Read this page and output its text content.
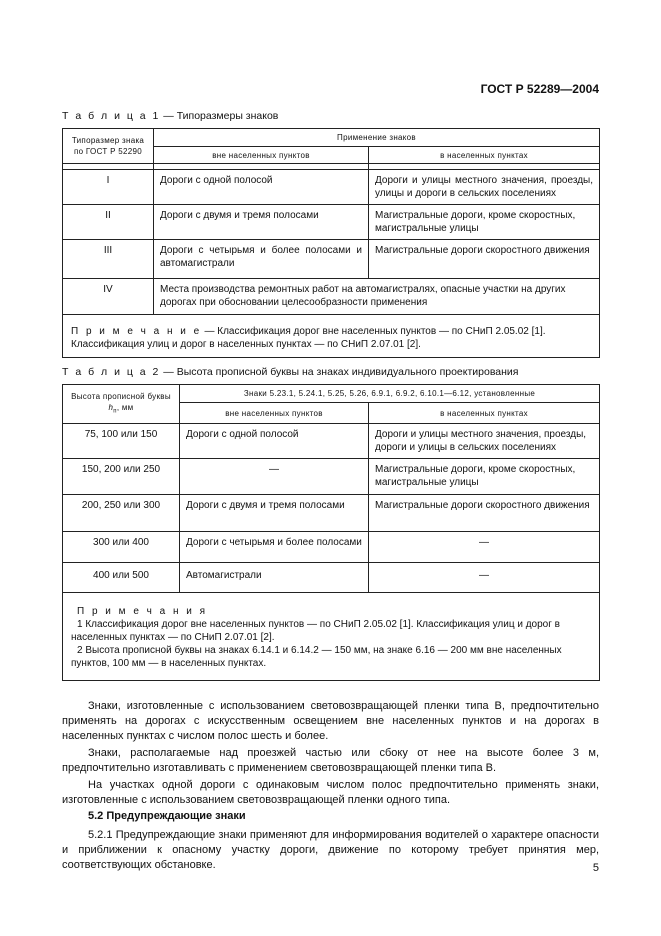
ГОСТ Р 52289—2004
Т а б л и ц а 1 — Типоразмеры знаков
Типоразмер знака по ГОСТ Р 52290	Применение знаков	
	вне населенных пунктов	в населенных пунктах

I	Дороги с одной полосой	Дороги и улицы местного значения, проезды, улицы и дороги в сельских поселениях
II	Дороги с двумя и тремя полосами	Магистральные дороги, кроме скоростных, магистральные улицы
III	Дороги с четырьмя и более полосами и автомагистрали	Магистральные дороги скоростного движения
IV	Места производства ремонтных работ на автомагистралях, опасные участки на других дорогах при обосновании целесообразности применения	
П р и м е ч а н и е — Классификация дорог вне населенных пунктов — по СНиП 2.05.02 [1]. Классификация улиц и дорог в населенных пунктах — по СНиП 2.07.01 [2].		
Т а б л и ц а 2 — Высота прописной буквы на знаках индивидуального проектирования
Высота прописной буквы $h_п$, мм	Знаки 5.23.1, 5.24.1, 5.25, 5.26, 6.9.1, 6.9.2, 6.10.1—6.12, установленные	
	вне населенных пунктов	в населенных пунктах
75, 100 или 150	Дороги с одной полосой	Дороги и улицы местного значения, проезды, дороги и улицы в сельских поселениях
150, 200 или 250	—	Магистральные дороги, кроме скоростных, магистральные улицы
200, 250 или 300	Дороги с двумя и тремя полосами	Магистральные дороги скоростного движения
300 или 400	Дороги с четырьмя и более полосами	—
400 или 500	Автомагистрали	—

П р и м е ч а н и я
1 Классификация дорог вне населенных пунктов — по СНиП 2.05.02 [1]. Классификация улиц и дорог в населенных пунктах — по СНиП 2.07.01 [2].
2 Высота прописной буквы на знаках 6.14.1 и 6.14.2 — 150 мм, на знаке 6.16 — 200 мм вне населенных пунктов, 100 мм — в населенных пунктах.		
Знаки, изготовленные с использованием световозвращающей пленки типа В, предпочтительно применять на дорогах с искусственным освещением вне населенных пунктов и на дорогах в населенных пунктах с числом полос шесть и более.
Знаки, располагаемые над проезжей частью или сбоку от нее на высоте более 3 м, предпочтительно изготавливать с применением световозвращающей пленки типа В.
На участках одной дороги с одинаковым числом полос предпочтительно применять знаки, изготовленные с использованием световозвращающей пленки одного типа.
5.2 Предупреждающие знаки
5.2.1 Предупреждающие знаки применяют для информирования водителей о характере опасности и приближении к опасному участку дороги, движение по которому требует принятия мер, соответствующих обстановке.	5
